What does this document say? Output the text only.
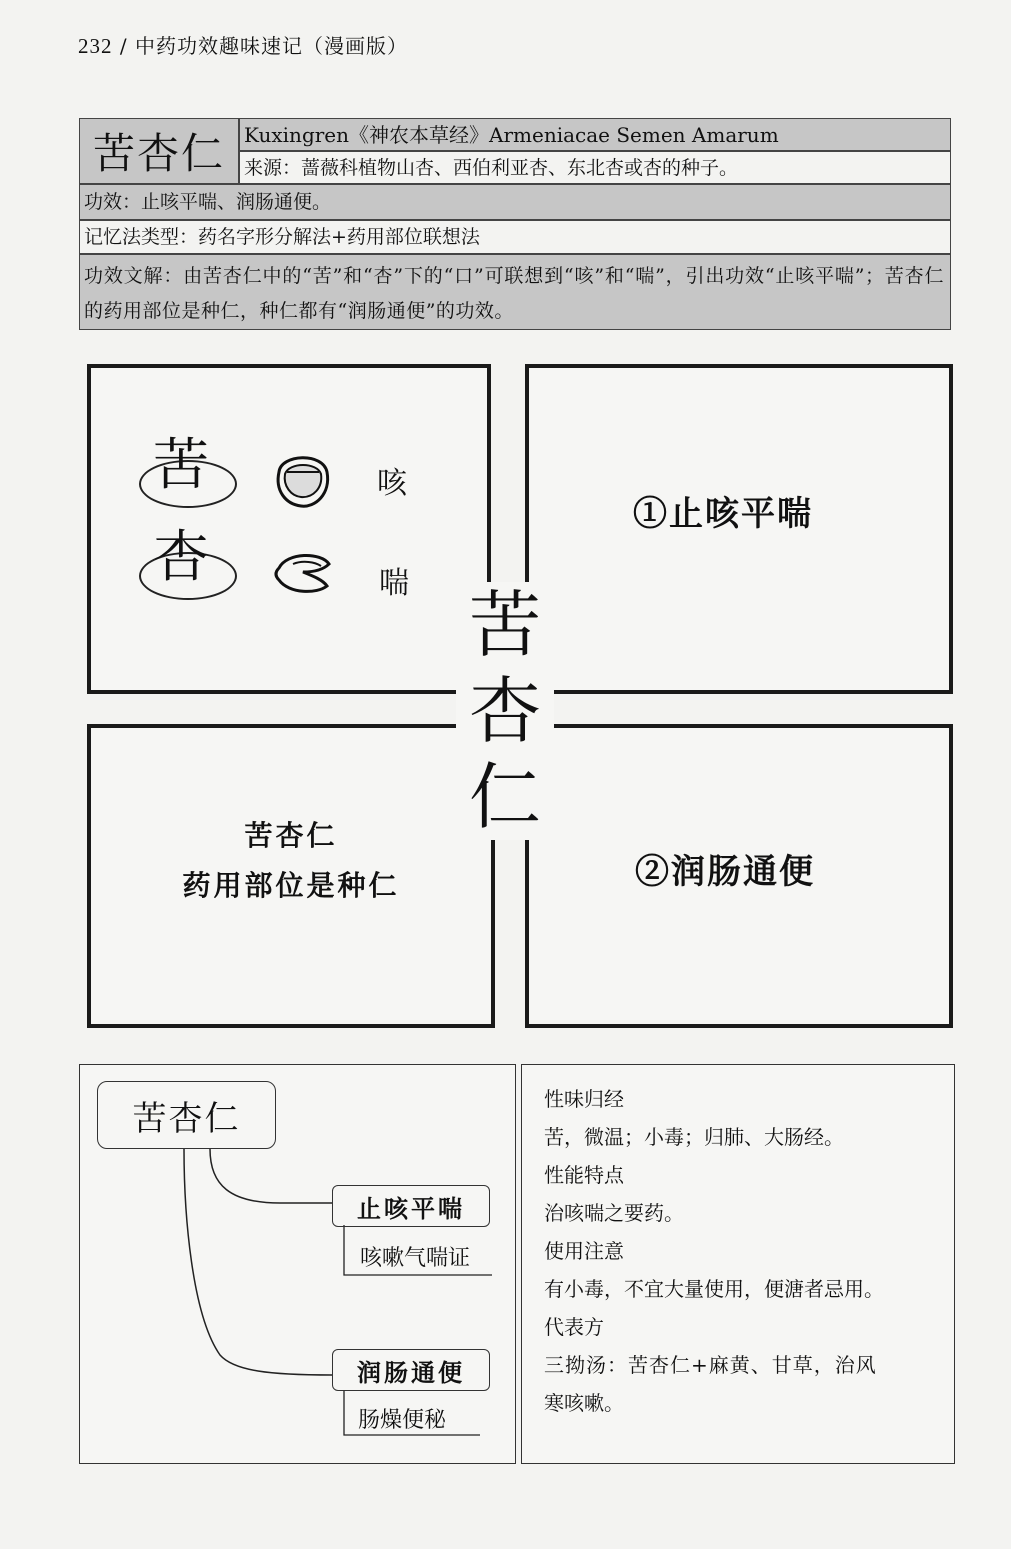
232 / 中药功效趣味速记（漫画版）
苦杏仁 Kuxingren《神农本草经》Armeniacae Semen Amarum
来源：蔷薇科植物山杏、西伯利亚杏、东北杏或杏的种子。
功效：止咳平喘、润肠通便。
记忆法类型：药名字形分解法+药用部位联想法
功效文解：由苦杏仁中的“苦”和“杏”下的“口”可联想到“咳”和“喘”，引出功效“止咳平喘”；苦杏仁的药用部位是种仁，种仁都有“润肠通便”的功效。
苦	咳
杏	喘
①止咳平喘
苦杏仁
药用部位是种仁	②润肠通便
苦
杏
仁
苦杏仁
止咳平喘
咳嗽气喘证
润肠通便
肠燥便秘
性味归经
苦，微温；小毒；归肺、大肠经。
性能特点
治咳喘之要药。
使用注意
有小毒，不宜大量使用，便溏者忌用。
代表方
三拗汤：苦杏仁+麻黄、甘草，治风
寒咳嗽。
